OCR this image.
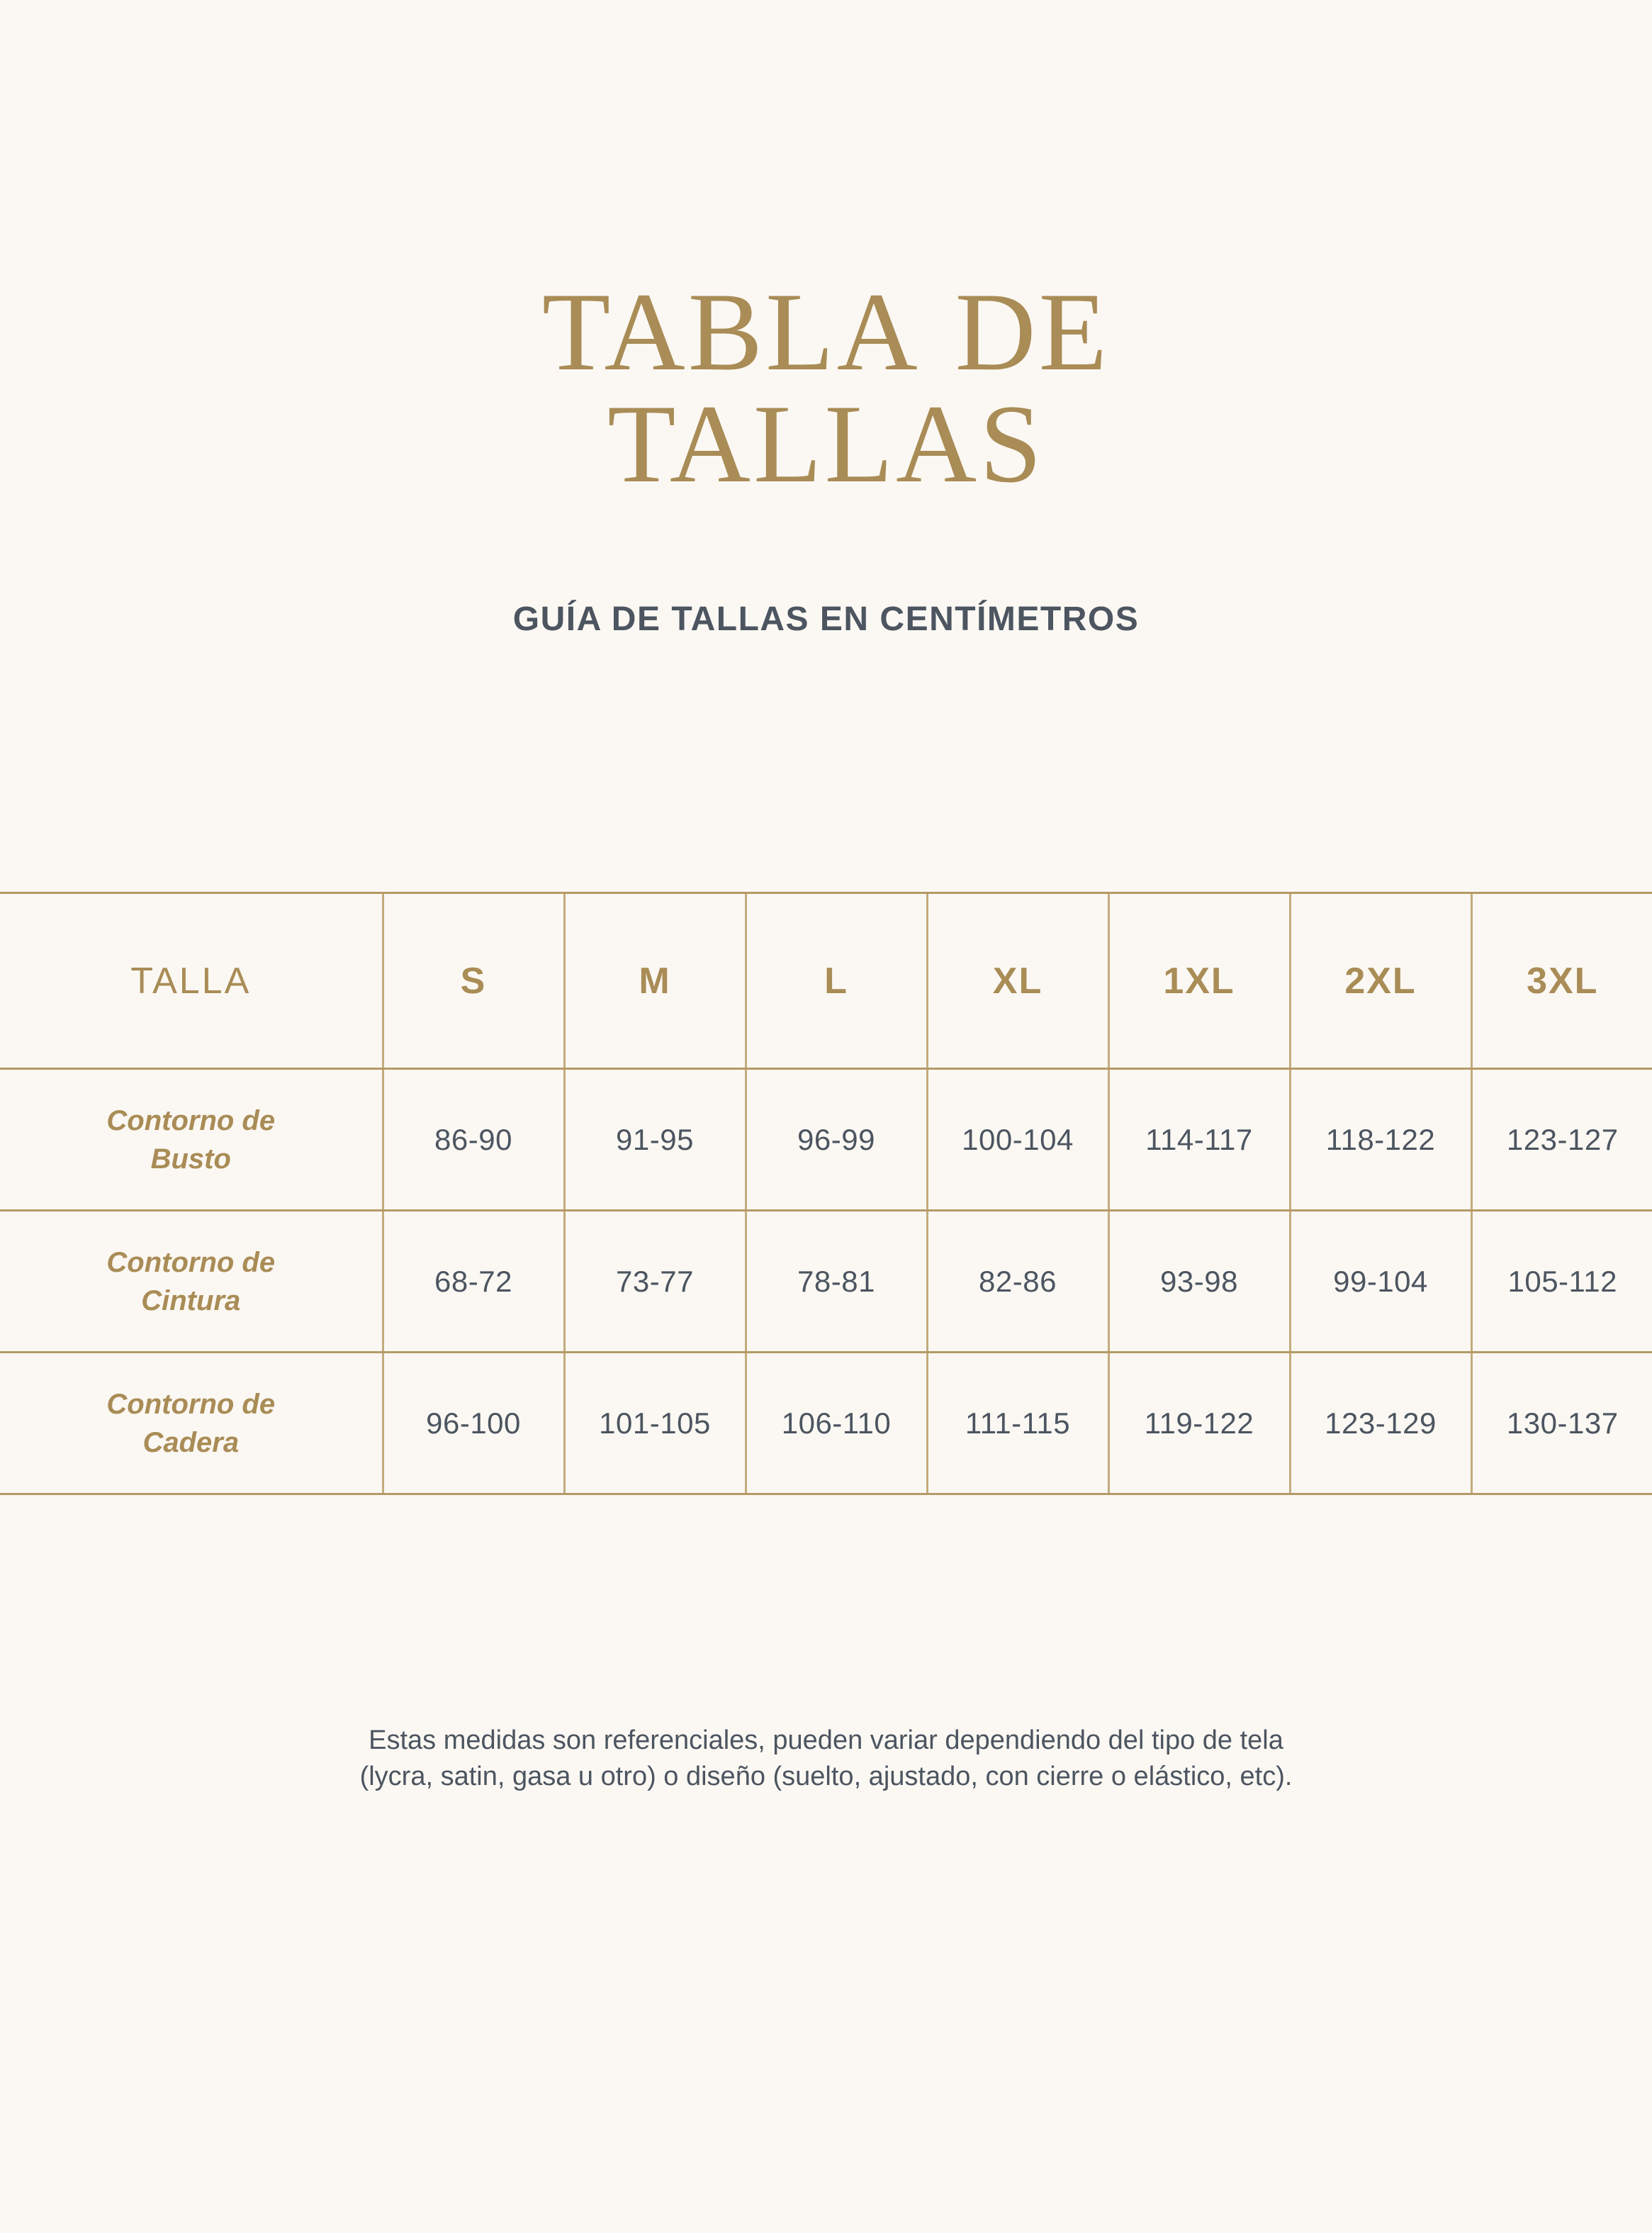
TABLA DE TALLAS
GUÍA DE TALLAS EN CENTÍMETROS
TALLA	S	M	L	XL	1XL	2XL	3XL
Contorno de
Busto	86-90	91-95	96-99	100-104	114-117	118-122	123-127
Contorno de
Cintura	68-72	73-77	78-81	82-86	93-98	99-104	105-112
Contorno de
Cadera	96-100	101-105	106-110	111-115	119-122	123-129	130-137
Estas medidas son referenciales, pueden variar dependiendo del tipo de tela
(lycra, satin, gasa u otro) o diseño (suelto, ajustado, con cierre o elástico, etc).
